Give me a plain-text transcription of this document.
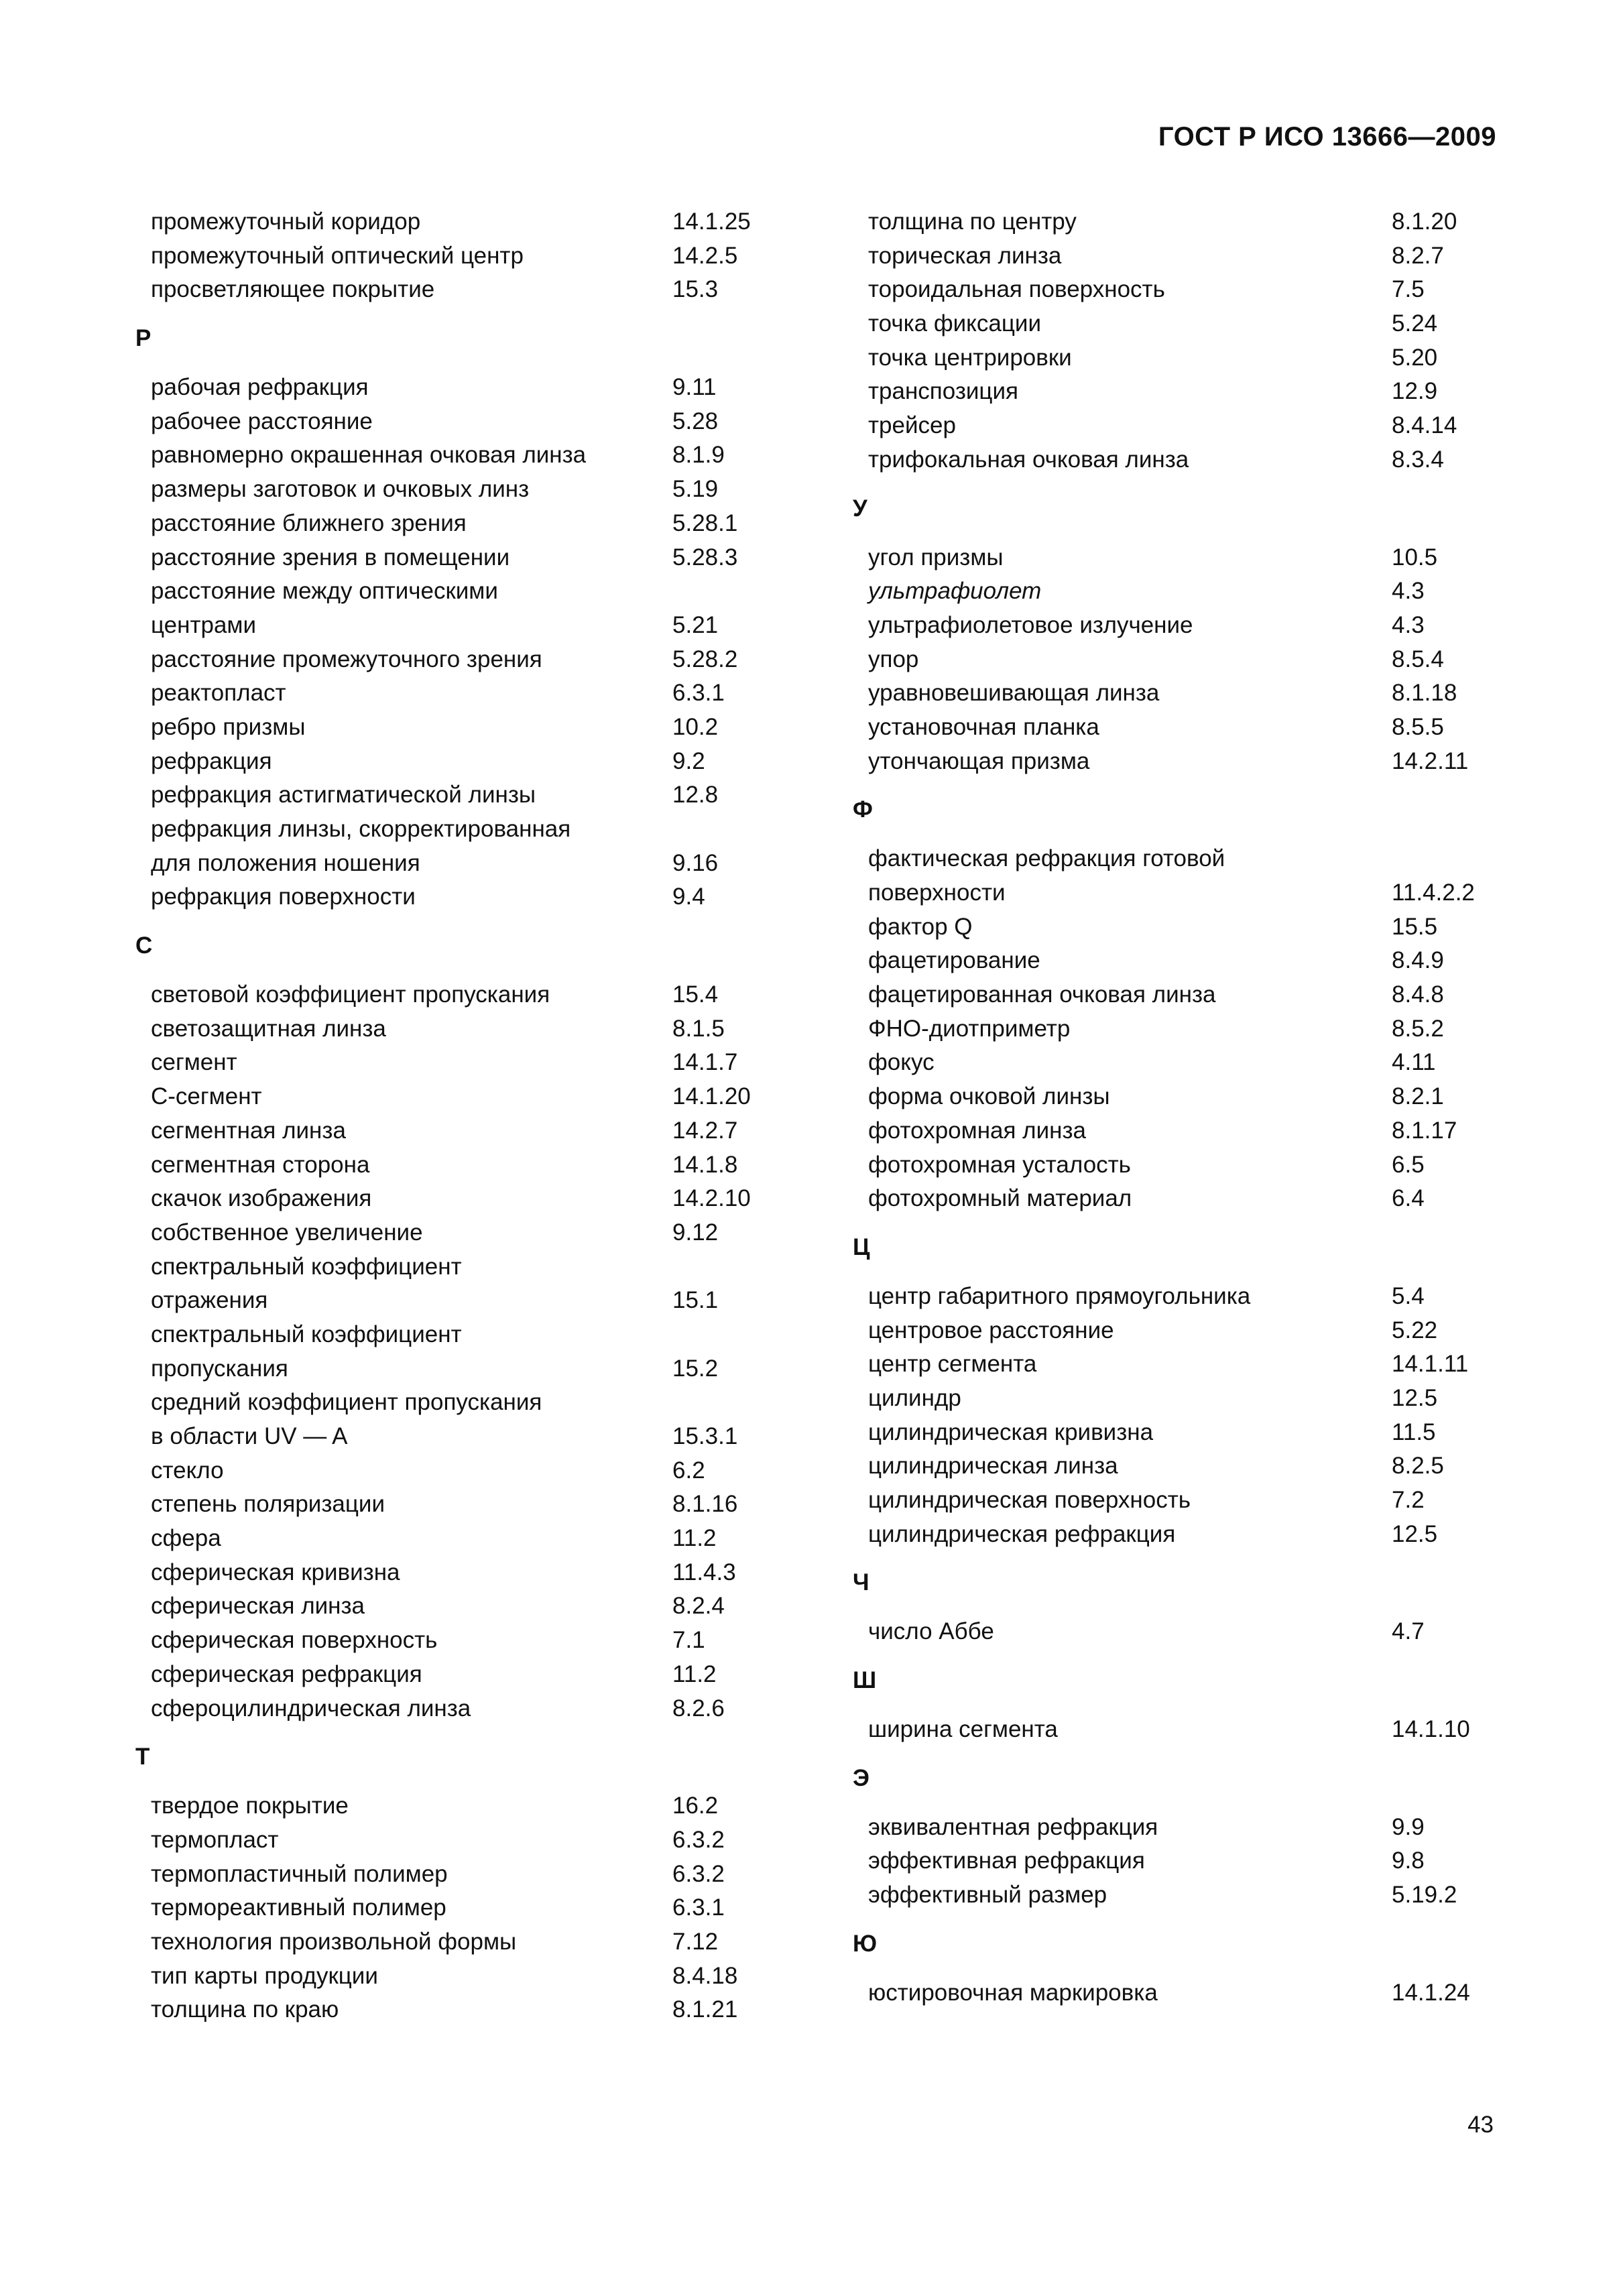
ГОСТ Р ИСО 13666—2009
промежуточный коридор	14.1.25
промежуточный оптический центр	14.2.5
просветляющее покрытие	15.3
Р
рабочая рефракция	9.11
рабочее расстояние	5.28
равномерно окрашенная очковая линза	8.1.9
размеры заготовок и очковых линз	5.19
расстояние ближнего зрения	5.28.1
расстояние зрения в помещении	5.28.3
расстояние между оптическими
центрами	5.21
расстояние промежуточного зрения	5.28.2
реактопласт	6.3.1
ребро призмы	10.2
рефракция	9.2
рефракция астигматической линзы	12.8
рефракция линзы, скорректированная
для положения ношения	9.16
рефракция поверхности	9.4
С
световой коэффициент пропускания	15.4
светозащитная линза	8.1.5
сегмент	14.1.7
С-сегмент	14.1.20
сегментная линза	14.2.7
сегментная сторона	14.1.8
скачок изображения	14.2.10
собственное увеличение	9.12
спектральный коэффициент
отражения	15.1
спектральный коэффициент
пропускания	15.2
средний коэффициент пропускания
в области UV — A	15.3.1
стекло	6.2
степень поляризации	8.1.16
сфера	11.2
сферическая кривизна	11.4.3
сферическая линза	8.2.4
сферическая поверхность	7.1
сферическая рефракция	11.2
сфероцилиндрическая линза	8.2.6
Т
твердое покрытие	16.2
термопласт	6.3.2
термопластичный полимер	6.3.2
термореактивный полимер	6.3.1
технология произвольной формы	7.12
тип карты продукции	8.4.18
толщина по краю	8.1.21
толщина по центру	8.1.20
торическая линза	8.2.7
тороидальная поверхность	7.5
точка фиксации	5.24
точка центрировки	5.20
транспозиция	12.9
трейсер	8.4.14
трифокальная очковая линза	8.3.4
У
угол призмы	10.5
ультрафиолет	4.3
ультрафиолетовое излучение	4.3
упор	8.5.4
уравновешивающая линза	8.1.18
установочная планка	8.5.5
утончающая призма	14.2.11
Ф
фактическая рефракция готовой
поверхности	11.4.2.2
фактор Q	15.5
фацетирование	8.4.9
фацетированная очковая линза	8.4.8
ФНО-диотприметр	8.5.2
фокус	4.11
форма очковой линзы	8.2.1
фотохромная линза	8.1.17
фотохромная усталость	6.5
фотохромный материал	6.4
Ц
центр габаритного прямоугольника	5.4
центровое расстояние	5.22
центр сегмента	14.1.11
цилиндр	12.5
цилиндрическая кривизна	11.5
цилиндрическая линза	8.2.5
цилиндрическая поверхность	7.2
цилиндрическая рефракция	12.5
Ч
число Аббе	4.7
Ш
ширина сегмента	14.1.10
Э
эквивалентная рефракция	9.9
эффективная рефракция	9.8
эффективный размер	5.19.2
Ю
юстировочная маркировка	14.1.24
43
